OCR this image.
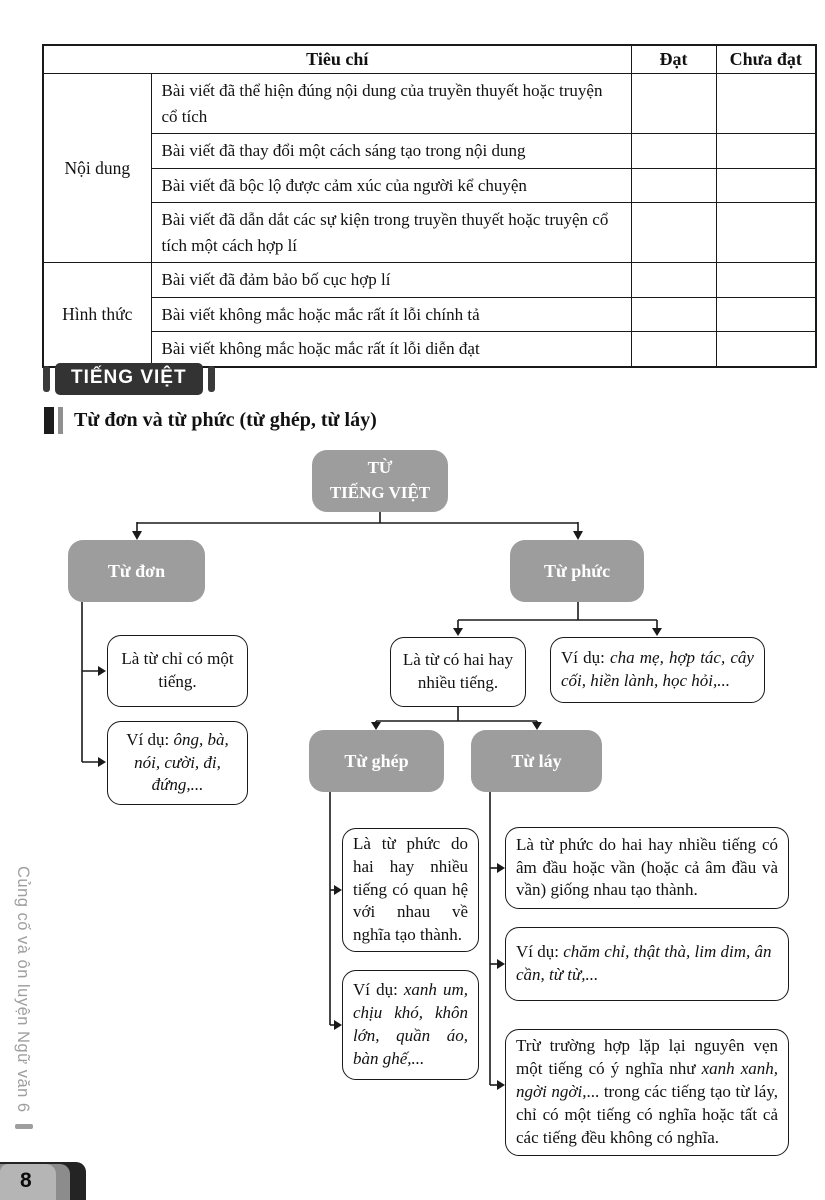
Tiêu chí		Đạt	Chưa đạt
Nội dung	Bài viết đã thể hiện đúng nội dung của truyền thuyết hoặc truyện cổ tích		
	Bài viết đã thay đổi một cách sáng tạo trong nội dung		
	Bài viết đã bộc lộ được cảm xúc của người kể chuyện		
	Bài viết đã dẫn dắt các sự kiện trong truyền thuyết hoặc truyện cổ tích một cách hợp lí		
Hình thức	Bài viết đã đảm bảo bố cục hợp lí		
	Bài viết không mắc hoặc mắc rất ít lỗi chính tả		
	Bài viết không mắc hoặc mắc rất ít lỗi diễn đạt		
TIẾNG VIỆT
Từ đơn và từ phức (từ ghép, từ láy)
TỪ
TIẾNG VIỆT
Từ đơn	Từ phức
Là từ chỉ có một tiếng.
Ví dụ: ông, bà, nói, cười, đi, đứng,...
Là từ có hai hay nhiều tiếng.
Ví dụ: cha mẹ, hợp tác, cây cối, hiền lành, học hỏi,...
Từ ghép	Từ láy
Là từ phức do hai hay nhiều tiếng có quan hệ với nhau về nghĩa tạo thành.
Ví dụ: xanh um, chịu khó, khôn lớn, quần áo, bàn ghế,...
Là từ phức do hai hay nhiều tiếng có âm đầu hoặc vần (hoặc cả âm đầu và vần) giống nhau tạo thành.
Ví dụ: chăm chỉ, thật thà, lim dim, ân cần, từ từ,...
Trừ trường hợp lặp lại nguyên vẹn một tiếng có ý nghĩa như xanh xanh, ngời ngời,... trong các tiếng tạo từ láy, chỉ có một tiếng có nghĩa hoặc tất cả các tiếng đều không có nghĩa.
Củng cố và ôn luyện Ngữ văn 6
8
